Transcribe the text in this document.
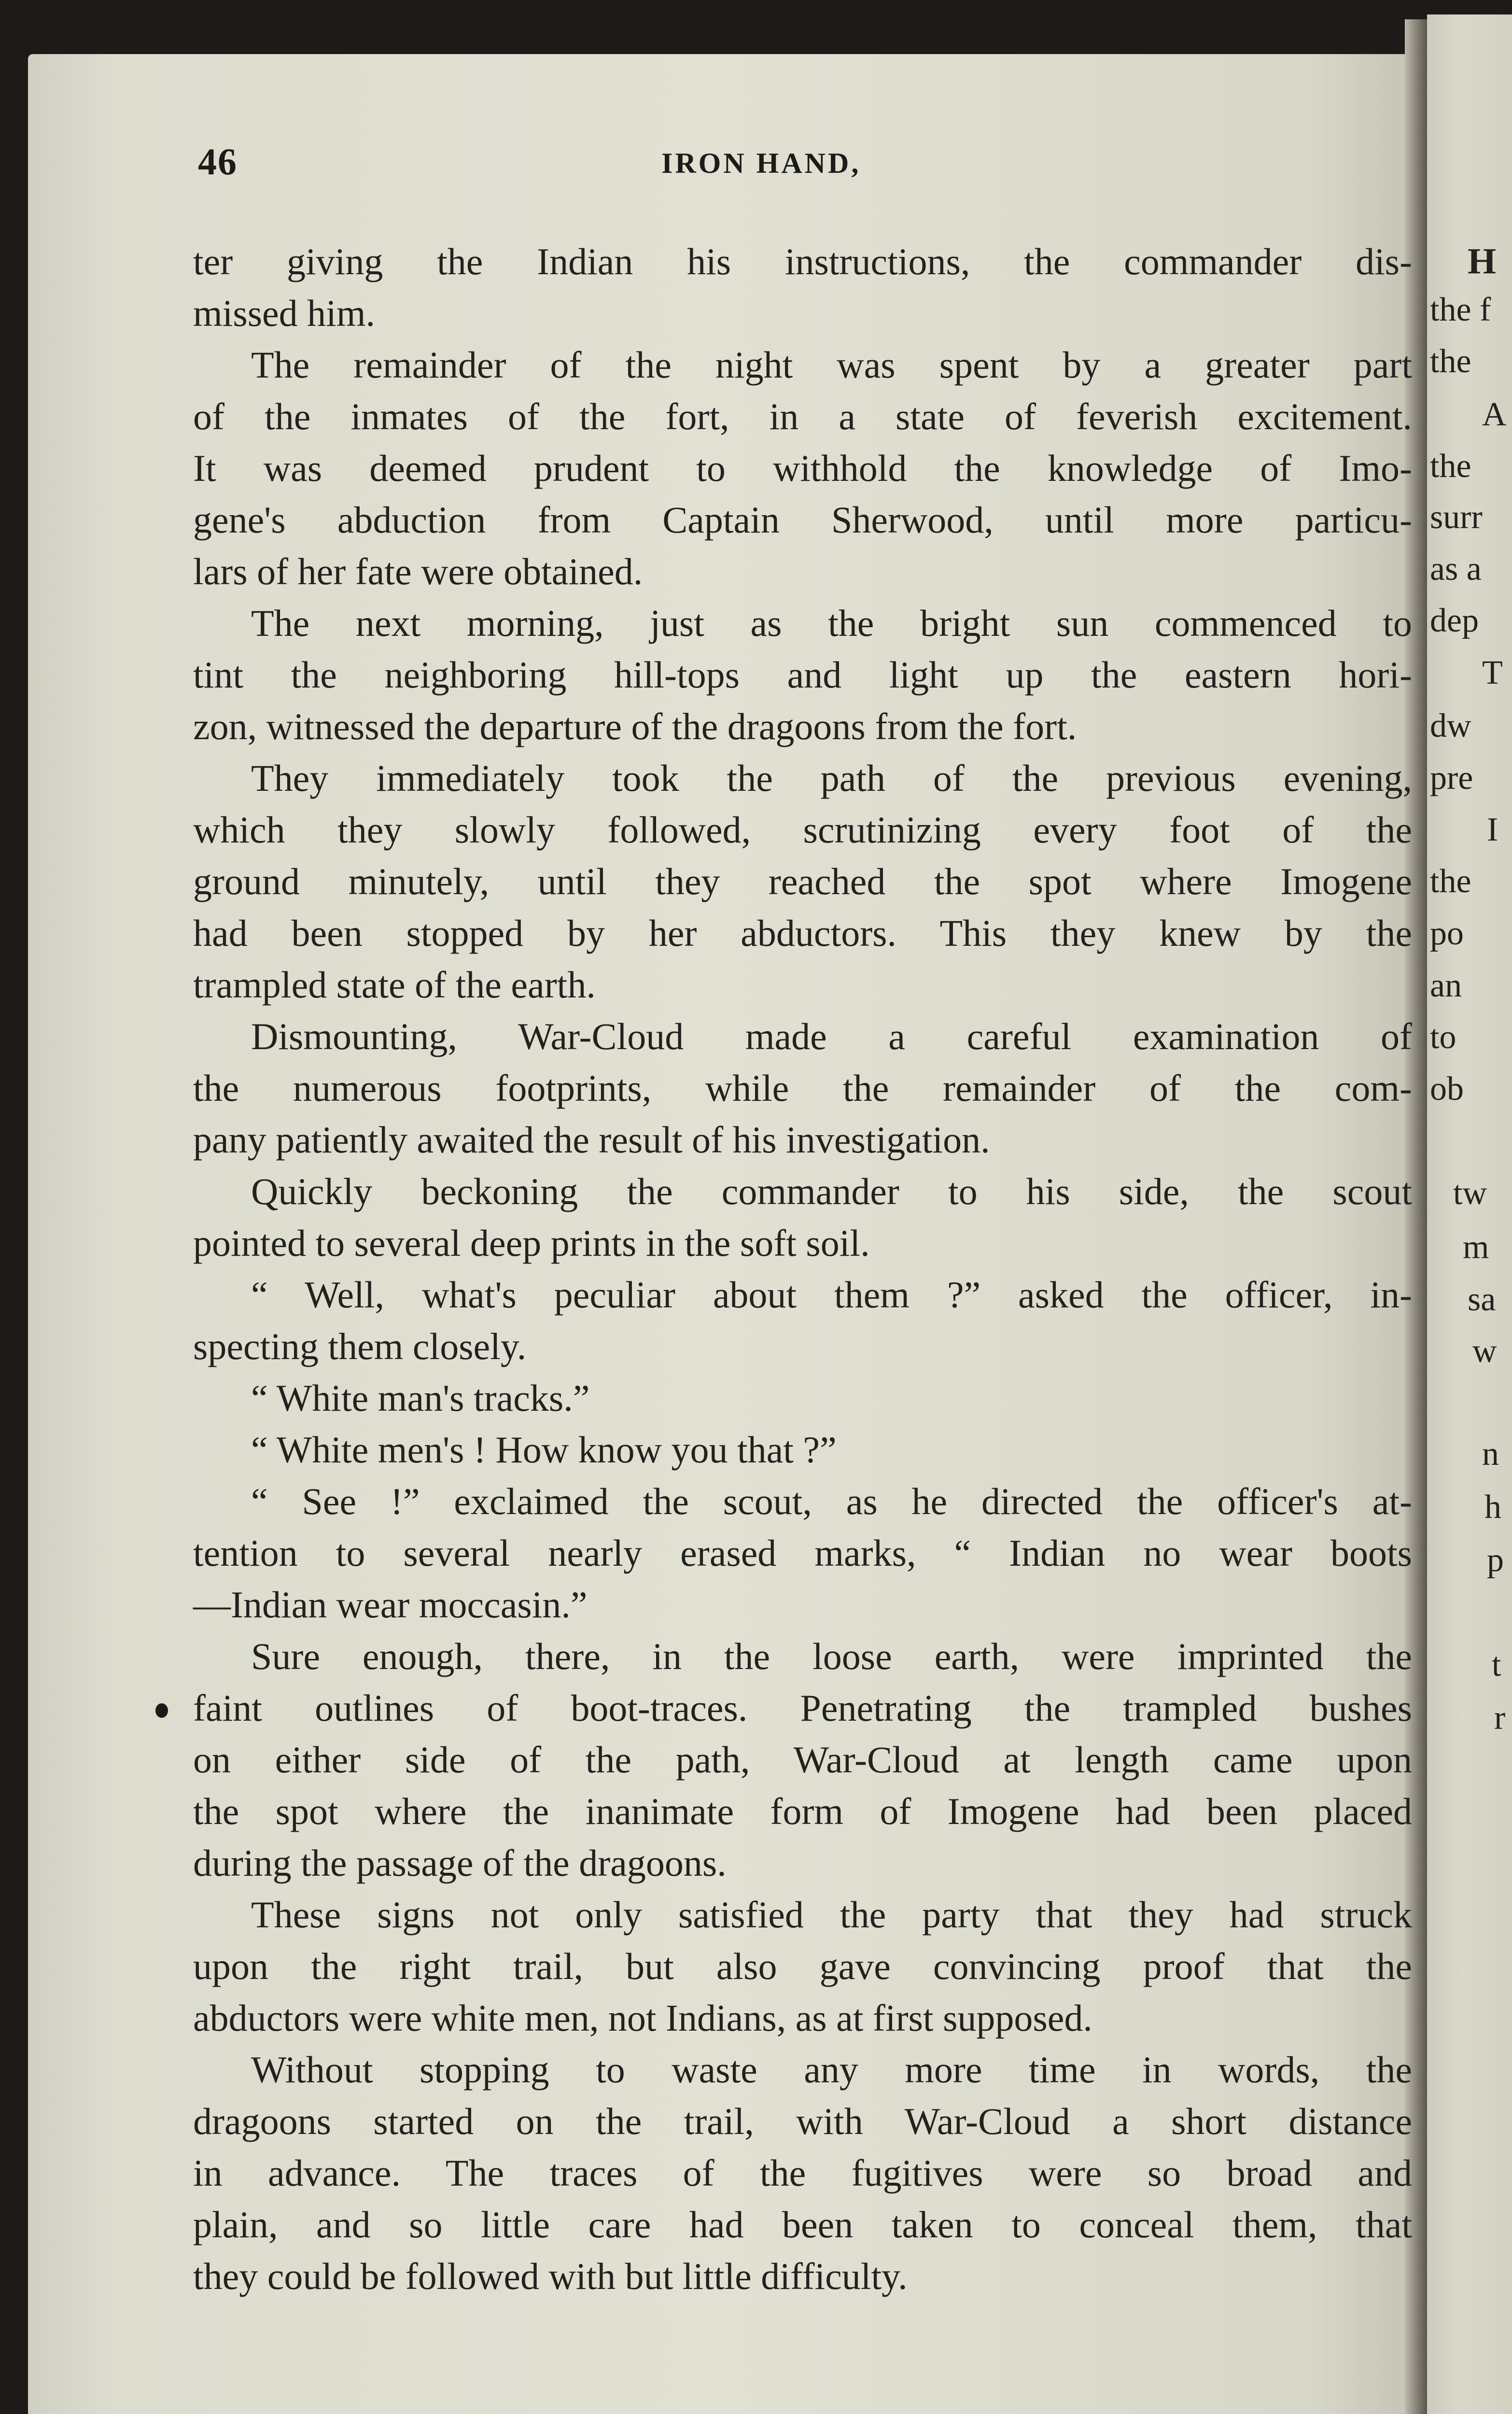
46	IRON HAND,
ter giving the Indian his instructions, the commander dis-
missed him.
The remainder of the night was spent by a greater part
of the inmates of the fort, in a state of feverish excitement.
It was deemed prudent to withhold the knowledge of Imo-
gene's abduction from Captain Sherwood, until more particu-
lars of her fate were obtained.
The next morning, just as the bright sun commenced to
tint the neighboring hill-tops and light up the eastern hori-
zon, witnessed the departure of the dragoons from the fort.
They immediately took the path of the previous evening,
which they slowly followed, scrutinizing every foot of the
ground minutely, until they reached the spot where Imogene
had been stopped by her abductors. This they knew by the
trampled state of the earth.
Dismounting, War-Cloud made a careful examination of
the numerous footprints, while the remainder of the com-
pany patiently awaited the result of his investigation.
Quickly beckoning the commander to his side, the scout
pointed to several deep prints in the soft soil.
“ Well, what's peculiar about them ?” asked the officer, in-
specting them closely.
“ White man's tracks.”
“ White men's ! How know you that ?”
“ See !” exclaimed the scout, as he directed the officer's at-
tention to several nearly erased marks, “ Indian no wear boots
—Indian wear moccasin.”
Sure enough, there, in the loose earth, were imprinted the
faint outlines of boot-traces. Penetrating the trampled bushes
on either side of the path, War-Cloud at length came upon
the spot where the inanimate form of Imogene had been placed
during the passage of the dragoons.
These signs not only satisfied the party that they had struck
upon the right trail, but also gave convincing proof that the
abductors were white men, not Indians, as at first supposed.
Without stopping to waste any more time in words, the
dragoons started on the trail, with War-Cloud a short distance
in advance. The traces of the fugitives were so broad and
plain, and so little care had been taken to conceal them, that
they could be followed with but little difficulty.
H
the f
the
A
the
surr
as a
dep
T
dw
pre
I
the
po
an
to
ob
tw
m
sa
w
n
h
p
t
r
